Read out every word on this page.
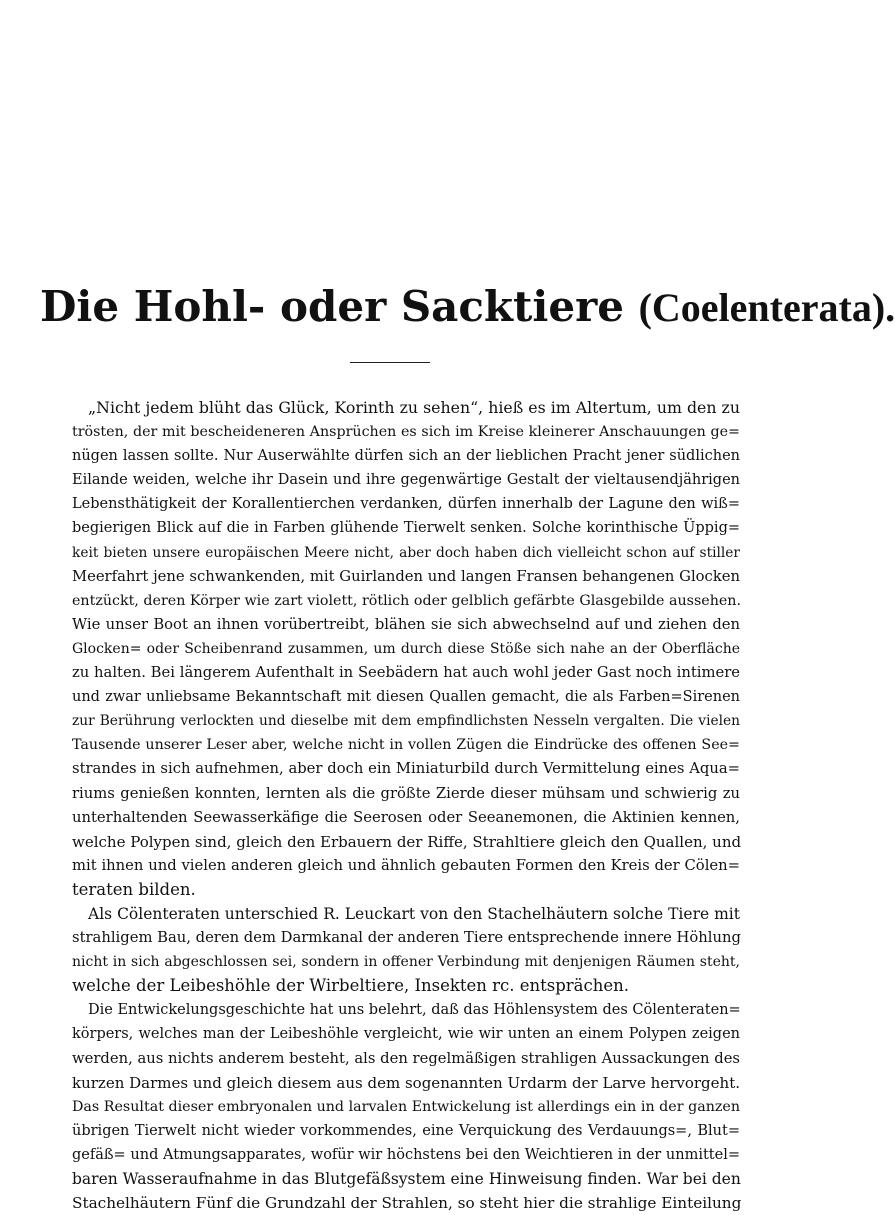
Die Hohl- oder Sacktiere (Coelenterata).
„Nicht jedem blüht das Glück, Korinth zu sehen“, hieß es im Altertum, um den zu
trösten, der mit bescheideneren Ansprüchen es sich im Kreise kleinerer Anschauungen ge=
nügen lassen sollte. Nur Auserwählte dürfen sich an der lieblichen Pracht jener südlichen
Eilande weiden, welche ihr Dasein und ihre gegenwärtige Gestalt der vieltausendjährigen
Lebensthätigkeit der Korallentierchen verdanken, dürfen innerhalb der Lagune den wiß=
begierigen Blick auf die in Farben glühende Tierwelt senken. Solche korinthische Üppig=
keit bieten unsere europäischen Meere nicht, aber doch haben dich vielleicht schon auf stiller
Meerfahrt jene schwankenden, mit Guirlanden und langen Fransen behangenen Glocken
entzückt, deren Körper wie zart violett, rötlich oder gelblich gefärbte Glasgebilde aussehen.
Wie unser Boot an ihnen vorübertreibt, blähen sie sich abwechselnd auf und ziehen den
Glocken= oder Scheibenrand zusammen, um durch diese Stöße sich nahe an der Oberfläche
zu halten. Bei längerem Aufenthalt in Seebädern hat auch wohl jeder Gast noch intimere
und zwar unliebsame Bekanntschaft mit diesen Quallen gemacht, die als Farben=Sirenen
zur Berührung verlockten und dieselbe mit dem empfindlichsten Nesseln vergalten. Die vielen
Tausende unserer Leser aber, welche nicht in vollen Zügen die Eindrücke des offenen See=
strandes in sich aufnehmen, aber doch ein Miniaturbild durch Vermittelung eines Aqua=
riums genießen konnten, lernten als die größte Zierde dieser mühsam und schwierig zu
unterhaltenden Seewasserkäfige die Seerosen oder Seeanemonen, die Aktinien kennen,
welche Polypen sind, gleich den Erbauern der Riffe, Strahltiere gleich den Quallen, und
mit ihnen und vielen anderen gleich und ähnlich gebauten Formen den Kreis der Cölen=
teraten bilden.
Als Cölenteraten unterschied R. Leuckart von den Stachelhäutern solche Tiere mit
strahligem Bau, deren dem Darmkanal der anderen Tiere entsprechende innere Höhlung
nicht in sich abgeschlossen sei, sondern in offener Verbindung mit denjenigen Räumen steht,
welche der Leibeshöhle der Wirbeltiere, Insekten rc. entsprächen.
Die Entwickelungsgeschichte hat uns belehrt, daß das Höhlensystem des Cölenteraten=
körpers, welches man der Leibeshöhle vergleicht, wie wir unten an einem Polypen zeigen
werden, aus nichts anderem besteht, als den regelmäßigen strahligen Aussackungen des
kurzen Darmes und gleich diesem aus dem sogenannten Urdarm der Larve hervorgeht.
Das Resultat dieser embryonalen und larvalen Entwickelung ist allerdings ein in der ganzen
übrigen Tierwelt nicht wieder vorkommendes, eine Verquickung des Verdauungs=, Blut=
gefäß= und Atmungsapparates, wofür wir höchstens bei den Weichtieren in der unmittel=
baren Wasseraufnahme in das Blutgefäßsystem eine Hinweisung finden. War bei den
Stachelhäutern Fünf die Grundzahl der Strahlen, so steht hier die strahlige Einteilung
